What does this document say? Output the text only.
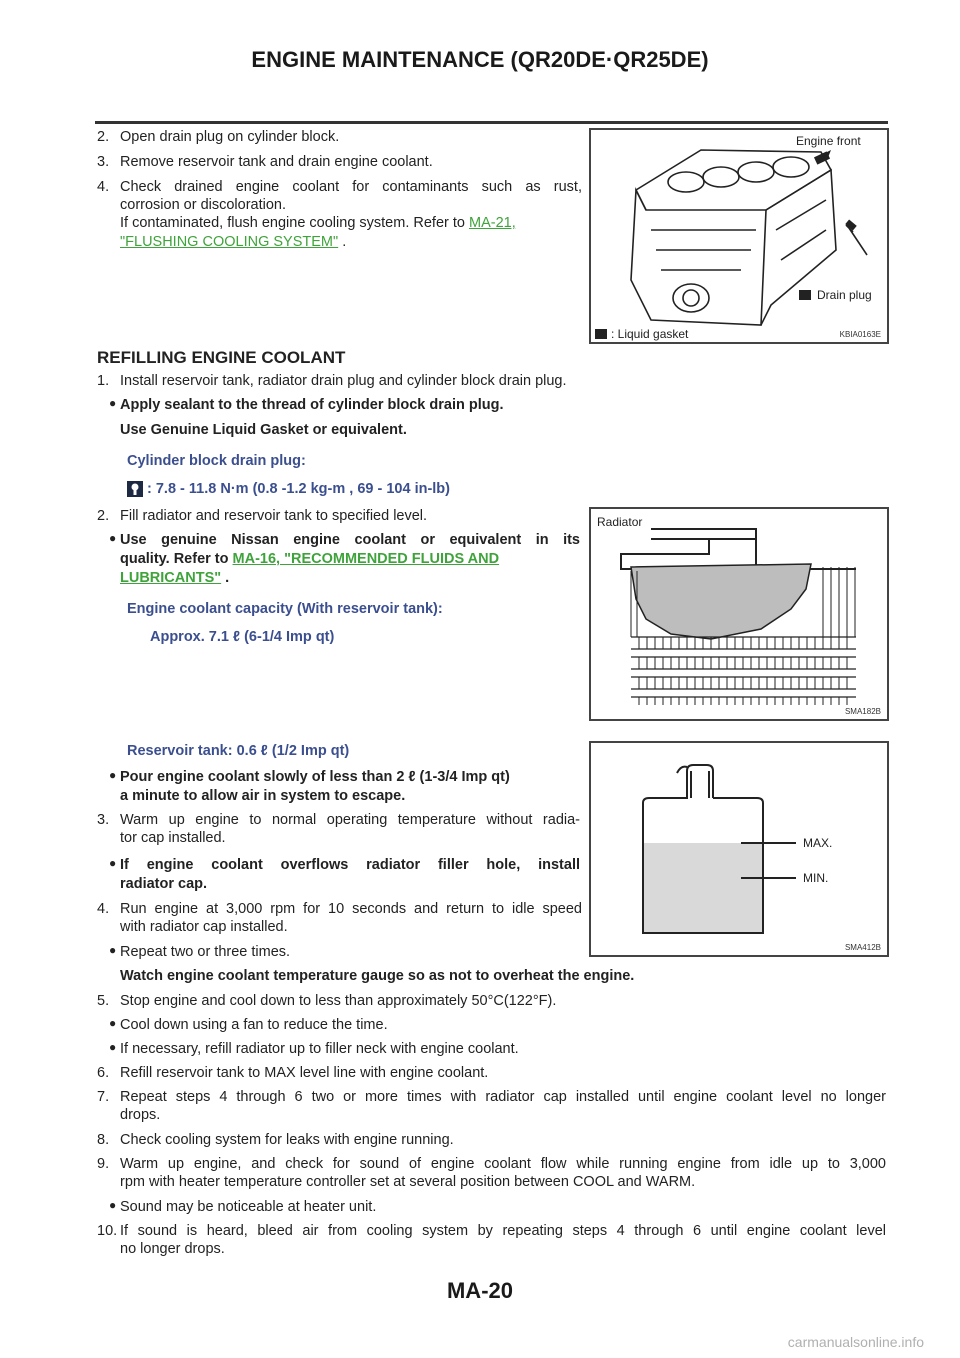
ENGINE MAINTENANCE (QR20DE·QR25DE)
2. Open drain plug on cylinder block.
3. Remove reservoir tank and drain engine coolant.
4. Check drained engine coolant for contaminants such as rust,
corrosion or discoloration.
If contaminated, flush engine cooling system. Refer to MA-21,
"FLUSHING COOLING SYSTEM" .
Engine front
Drain plug
: Liquid gasket	KBIA0163E
REFILLING ENGINE COOLANT
1. Install reservoir tank, radiator drain plug and cylinder block drain plug.
● Apply sealant to the thread of cylinder block drain plug.
Use Genuine Liquid Gasket or equivalent.
Cylinder block drain plug:
: 7.8 - 11.8 N·m (0.8 -1.2 kg-m , 69 - 104 in-lb)
2. Fill radiator and reservoir tank to specified level.
● Use genuine Nissan engine coolant or equivalent in its
quality. Refer to MA-16, "RECOMMENDED FLUIDS AND
LUBRICANTS" .
Engine coolant capacity (With reservoir tank):
Approx. 7.1 ℓ (6-1/4 Imp qt)
Radiator
SMA182B
Reservoir tank: 0.6 ℓ (1/2 Imp qt)
● Pour engine coolant slowly of less than 2 ℓ (1-3/4 Imp qt)
a minute to allow air in system to escape.
3. Warm up engine to normal operating temperature without radia-
tor cap installed.
● If engine coolant overflows radiator filler hole, install
radiator cap.
4. Run engine at 3,000 rpm for 10 seconds and return to idle speed
with radiator cap installed.
● Repeat two or three times.
Watch engine coolant temperature gauge so as not to overheat the engine.
MAX.
MIN.
SMA412B
5. Stop engine and cool down to less than approximately 50°C(122°F).
● Cool down using a fan to reduce the time.
● If necessary, refill radiator up to filler neck with engine coolant.
6. Refill reservoir tank to MAX level line with engine coolant.
7. Repeat steps 4 through 6 two or more times with radiator cap installed until engine coolant level no longer
drops.
8. Check cooling system for leaks with engine running.
9. Warm up engine, and check for sound of engine coolant flow while running engine from idle up to 3,000
rpm with heater temperature controller set at several position between COOL and WARM.
● Sound may be noticeable at heater unit.
10. If sound is heard, bleed air from cooling system by repeating steps 4 through 6 until engine coolant level
no longer drops.
MA-20
carmanualsonline.info
